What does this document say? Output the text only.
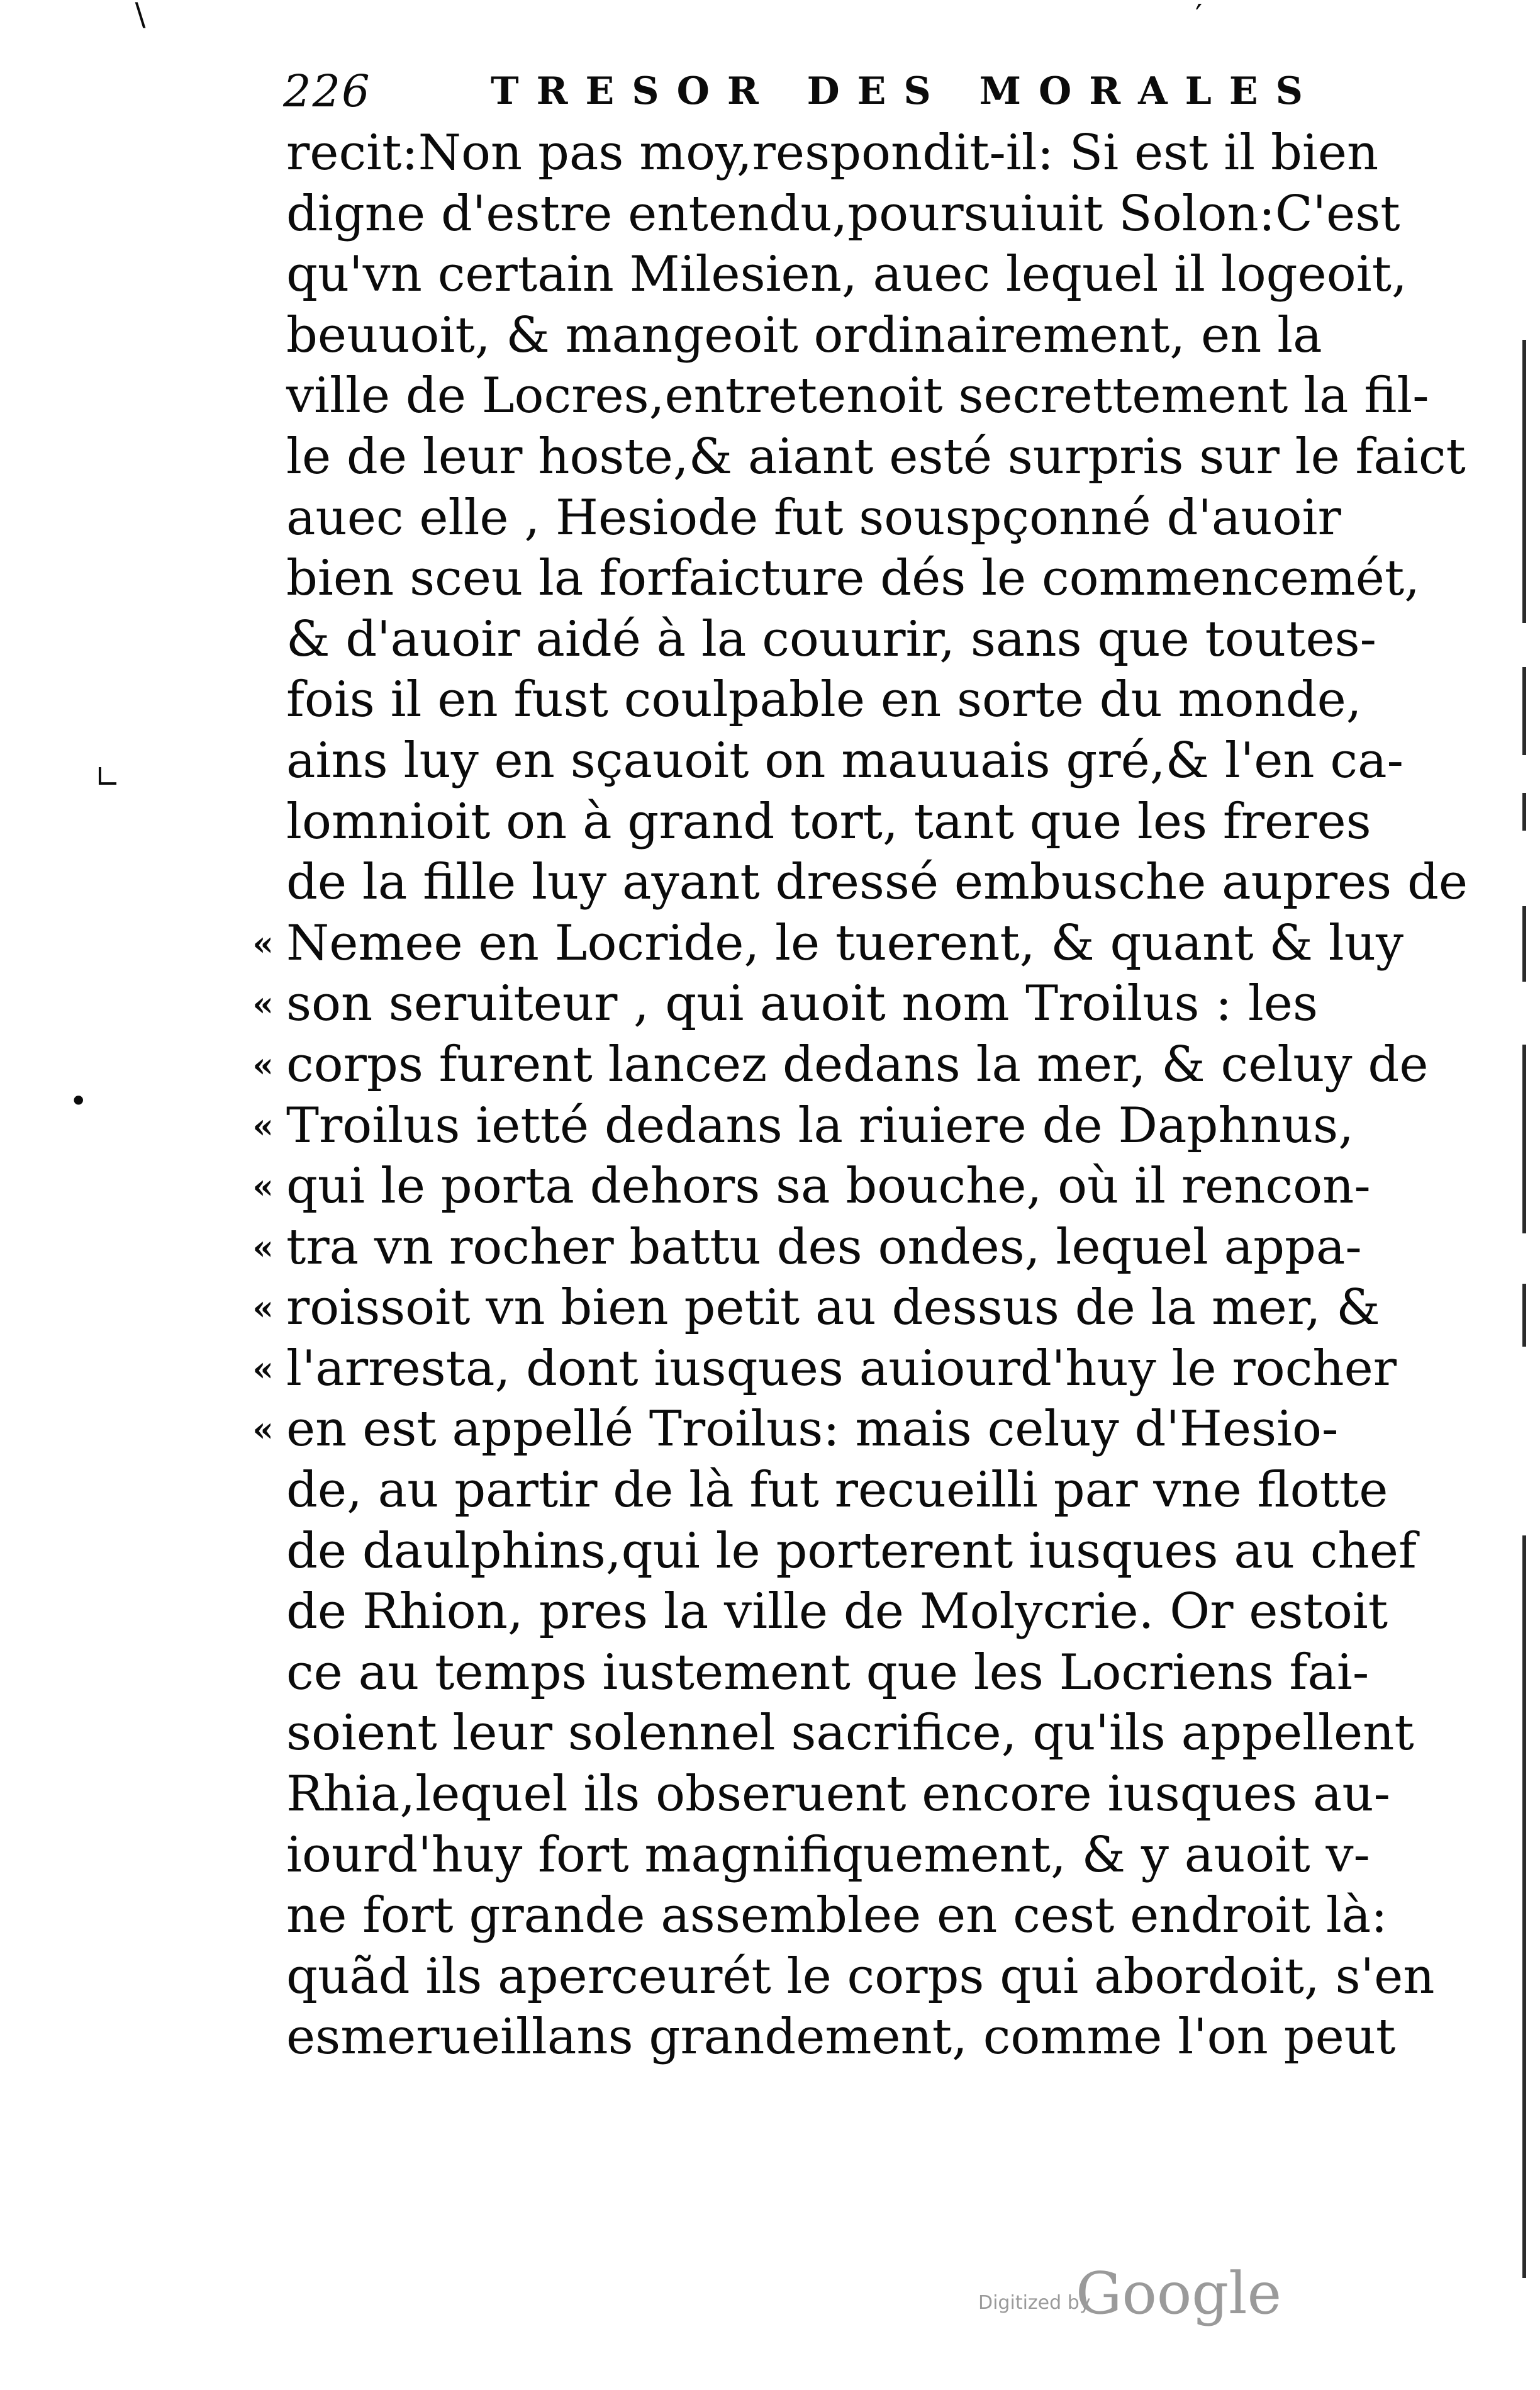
226	TRESOR DES MORALES
recit:Non pas moy,respondit-il: Si est il bien
digne d'estre entendu,poursuiuit Solon:C'est
qu'vn certain Milesien, auec lequel il logeoit,
beuuoit, & mangeoit ordinairement, en la
ville de Locres,entretenoit secrettement la fil-
le de leur hoste,& aiant esté surpris sur le faict
auec elle , Hesiode fut souspçonné d'auoir
bien sceu la forfaicture dés le commencemét,
& d'auoir aidé à la couurir, sans que toutes-
fois il en fust coulpable en sorte du monde,
ains luy en sçauoit on mauuais gré,& l'en ca-
lomnioit on à grand tort, tant que les freres
de la fille luy ayant dressé embusche aupres de
« Nemee en Locride, le tuerent, & quant & luy
« son seruiteur , qui auoit nom Troilus : les
« corps furent lancez dedans la mer, & celuy de
« Troilus ietté dedans la riuiere de Daphnus,
« qui le porta dehors sa bouche, où il rencon-
« tra vn rocher battu des ondes, lequel appa-
« roissoit vn bien petit au dessus de la mer, &
« l'arresta, dont iusques auiourd'huy le rocher
« en est appellé Troilus: mais celuy d'Hesio-
de, au partir de là fut recueilli par vne flotte
de daulphins,qui le porterent iusques au chef
de Rhion, pres la ville de Molycrie. Or estoit
ce au temps iustement que les Locriens fai-
soient leur solennel sacrifice, qu'ils appellent
Rhia,lequel ils obseruent encore iusques au-
iourd'huy fort magnifiquement, & y auoit v-
ne fort grande assemblee en cest endroit là:
quãd ils aperceurét le corps qui abordoit, s'en
esmerueillans grandement, comme l'on peut
∖
∟
•
′
Digitized by
Google
